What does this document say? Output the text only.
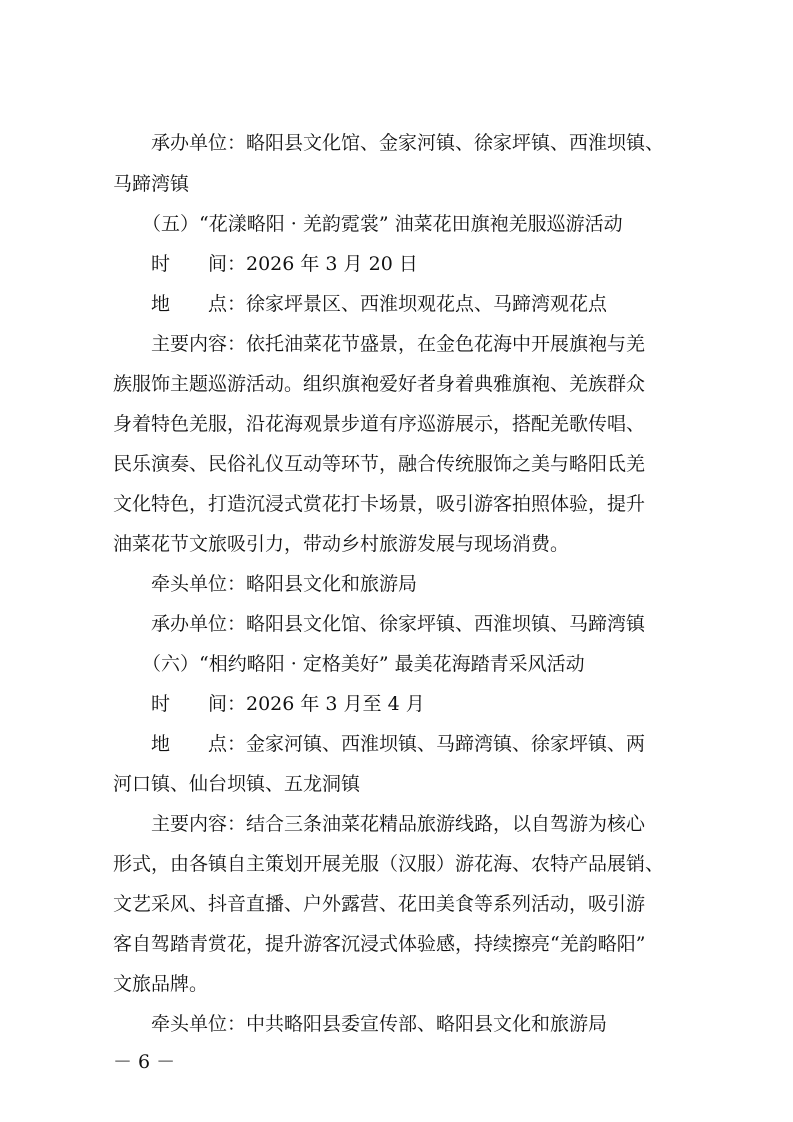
承办单位：略阳县文化馆、金家河镇、徐家坪镇、西淮坝镇、
马蹄湾镇
（五）“花漾略阳 · 羌韵霓裳” 油菜花田旗袍羌服巡游活动
时　　间：2026 年 3 月 20 日
地　　点：徐家坪景区、西淮坝观花点、马蹄湾观花点
主要内容：依托油菜花节盛景，在金色花海中开展旗袍与羌
族服饰主题巡游活动。组织旗袍爱好者身着典雅旗袍、羌族群众
身着特色羌服，沿花海观景步道有序巡游展示，搭配羌歌传唱、
民乐演奏、民俗礼仪互动等环节，融合传统服饰之美与略阳氐羌
文化特色，打造沉浸式赏花打卡场景，吸引游客拍照体验，提升
油菜花节文旅吸引力，带动乡村旅游发展与现场消费。
牵头单位：略阳县文化和旅游局
承办单位：略阳县文化馆、徐家坪镇、西淮坝镇、马蹄湾镇
（六）“相约略阳 · 定格美好” 最美花海踏青采风活动
时　　间：2026 年 3 月至 4 月
地　　点：金家河镇、西淮坝镇、马蹄湾镇、徐家坪镇、两
河口镇、仙台坝镇、五龙洞镇
主要内容：结合三条油菜花精品旅游线路，以自驾游为核心
形式，由各镇自主策划开展羌服（汉服）游花海、农特产品展销、
文艺采风、抖音直播、户外露营、花田美食等系列活动，吸引游
客自驾踏青赏花，提升游客沉浸式体验感，持续擦亮“羌韵略阳”
文旅品牌。
牵头单位：中共略阳县委宣传部、略阳县文化和旅游局
－ 6 －
